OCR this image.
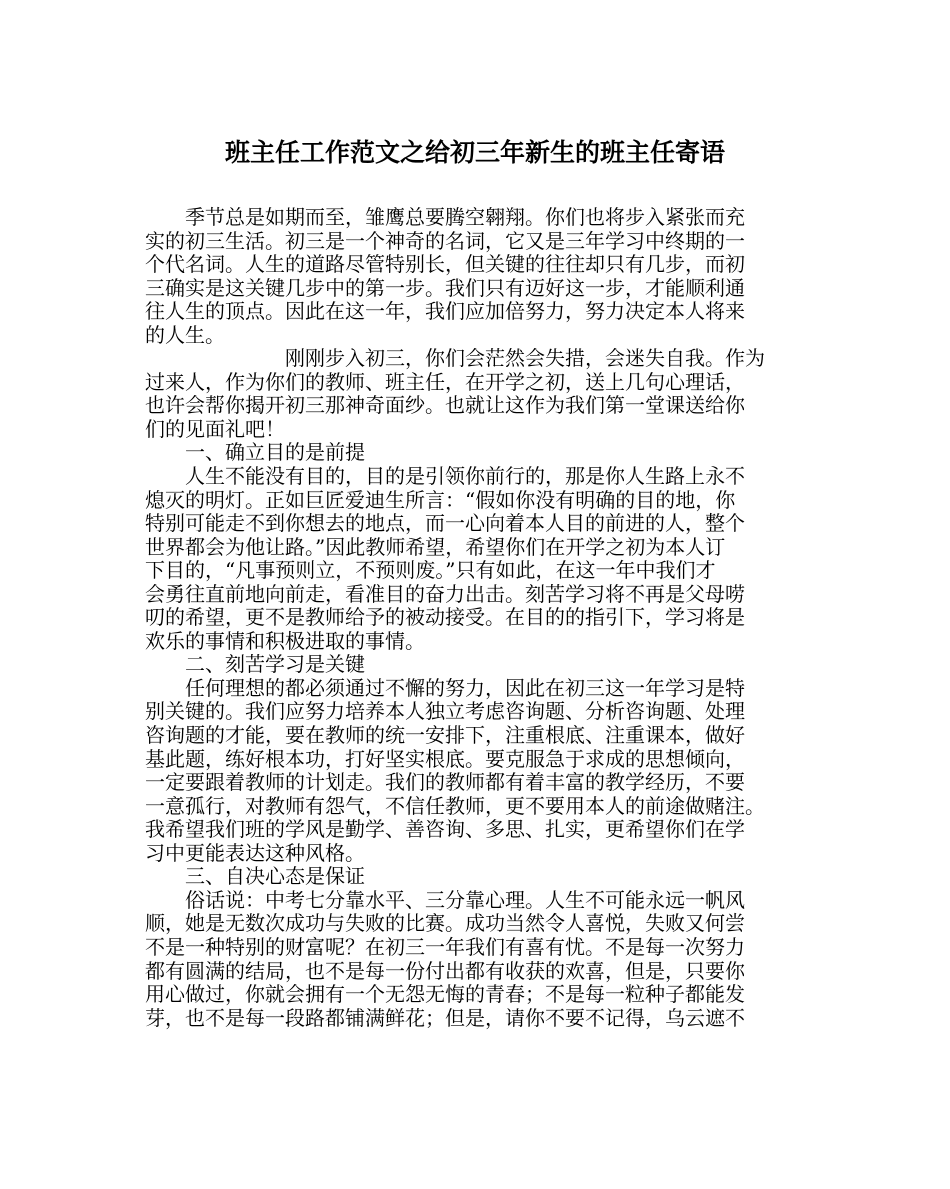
班主任工作范文之给初三年新生的班主任寄语
季节总是如期而至，雏鹰总要腾空翱翔。你们也将步入紧张而充
实的初三生活。初三是一个神奇的名词，它又是三年学习中终期的一
个代名词。人生的道路尽管特别长，但关键的往往却只有几步，而初
三确实是这关键几步中的第一步。我们只有迈好这一步，才能顺利通
往人生的顶点。因此在这一年，我们应加倍努力，努力决定本人将来
的人生。
刚刚步入初三，你们会茫然会失措，会迷失自我。作为
过来人，作为你们的教师、班主任，在开学之初，送上几句心理话，
也许会帮你揭开初三那神奇面纱。也就让这作为我们第一堂课送给你
们的见面礼吧！
一、确立目的是前提
人生不能没有目的，目的是引领你前行的，那是你人生路上永不
熄灭的明灯。正如巨匠爱迪生所言：“假如你没有明确的目的地，你
特别可能走不到你想去的地点，而一心向着本人目的前进的人，整个
世界都会为他让路。”因此教师希望，希望你们在开学之初为本人订
下目的，“凡事预则立，不预则废。”只有如此，在这一年中我们才
会勇往直前地向前走，看准目的奋力出击。刻苦学习将不再是父母唠
叨的希望，更不是教师给予的被动接受。在目的的指引下，学习将是
欢乐的事情和积极进取的事情。
二、刻苦学习是关键
任何理想的都必须通过不懈的努力，因此在初三这一年学习是特
别关键的。我们应努力培养本人独立考虑咨询题、分析咨询题、处理
咨询题的才能，要在教师的统一安排下，注重根底、注重课本，做好
基此题，练好根本功，打好坚实根底。要克服急于求成的思想倾向，
一定要跟着教师的计划走。我们的教师都有着丰富的教学经历，不要
一意孤行，对教师有怨气，不信任教师，更不要用本人的前途做赌注。
我希望我们班的学风是勤学、善咨询、多思、扎实，更希望你们在学
习中更能表达这种风格。
三、自决心态是保证
俗话说：中考七分靠水平、三分靠心理。人生不可能永远一帆风
顺，她是无数次成功与失败的比赛。成功当然令人喜悦，失败又何尝
不是一种特别的财富呢？在初三一年我们有喜有忧。不是每一次努力
都有圆满的结局，也不是每一份付出都有收获的欢喜，但是，只要你
用心做过，你就会拥有一个无怨无悔的青春；不是每一粒种子都能发
芽，也不是每一段路都铺满鲜花；但是，请你不要不记得，乌云遮不
